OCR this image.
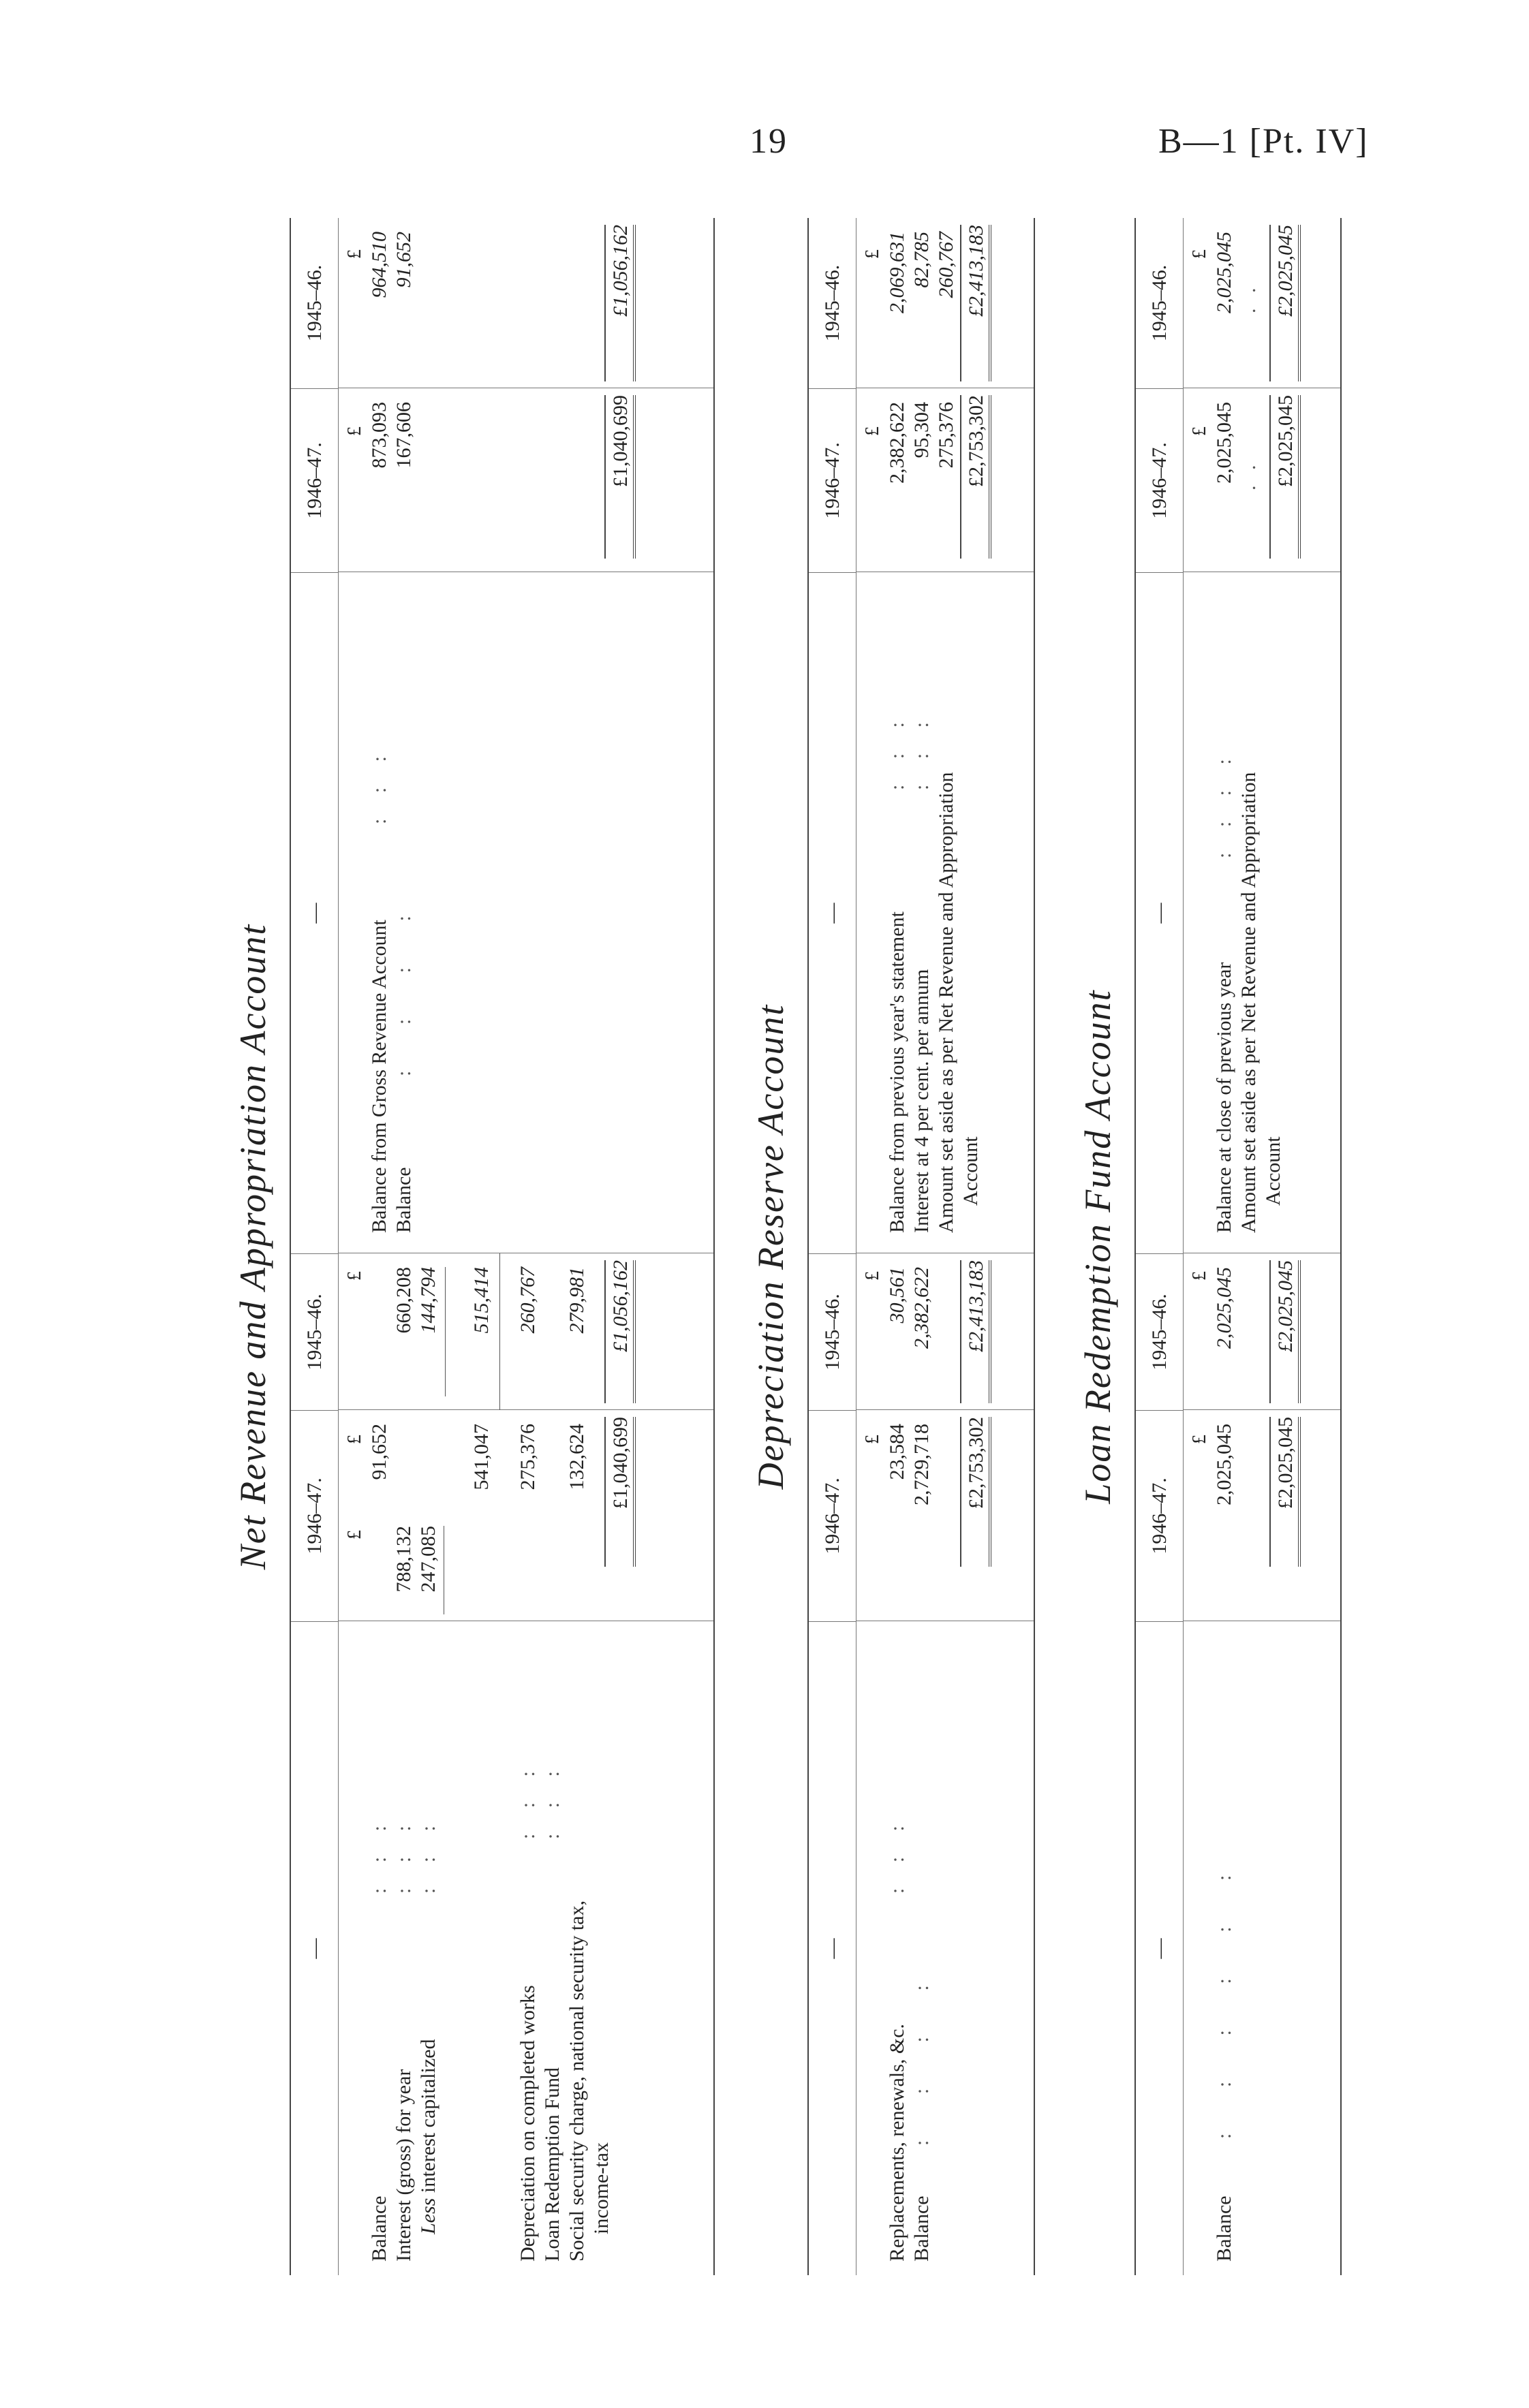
19	B—1 [Pt. IV]
Net Revenue and Appropriation Account
—
1946–47.
1945–46.
—
1946–47.
1945–46.
£
£
£
£
£
Balance
91,652
Interest (gross) for year
788,132
660,208
Less interest capitalized
247,085
144,794
:     :     : :     :     : :     :     :
541,047
515,414
Depreciation on completed works
275,376
260,767
Loan Redemption Fund Social security charge, national security tax, income-tax
132,624
279,981
:     :     : :     :     :
£1,040,699
£1,056,162
Balance from Gross Revenue Account
:     :     :
873,093
964,510
Balance
:         :         :         :
167,606
91,652
£1,040,699
£1,056,162
Depreciation Reserve Account
—
1946–47.
1945–46.
—
1946–47.
1945–46.
£
£
£
£
Replacements, renewals, &c.
:     :     :
23,584
30,561
Balance
:         :         :         :
2,729,718
2,382,622
£2,753,302
£2,413,183
Balance from previous year's statement
:     :     :
2,382,622
2,069,631
Interest at 4 per cent. per annum
:     :     :
95,304
82,785
Amount set aside as per Net Revenue and Appropriation Account
275,376
260,767
£2,753,302
£2,413,183
Loan Redemption Fund Account
—
1946–47.
1945–46.
—
1946–47.
1945–46.
£
£
£
£
Balance
:         :         :         :         :         :
2,025,045
2,025,045
£2,025,045
£2,025,045
Balance at close of previous year
:     :     :     :
2,025,045
2,025,045
Amount set aside as per Net Revenue and Appropriation Account
.   .
.   .
£2,025,045
£2,025,045
